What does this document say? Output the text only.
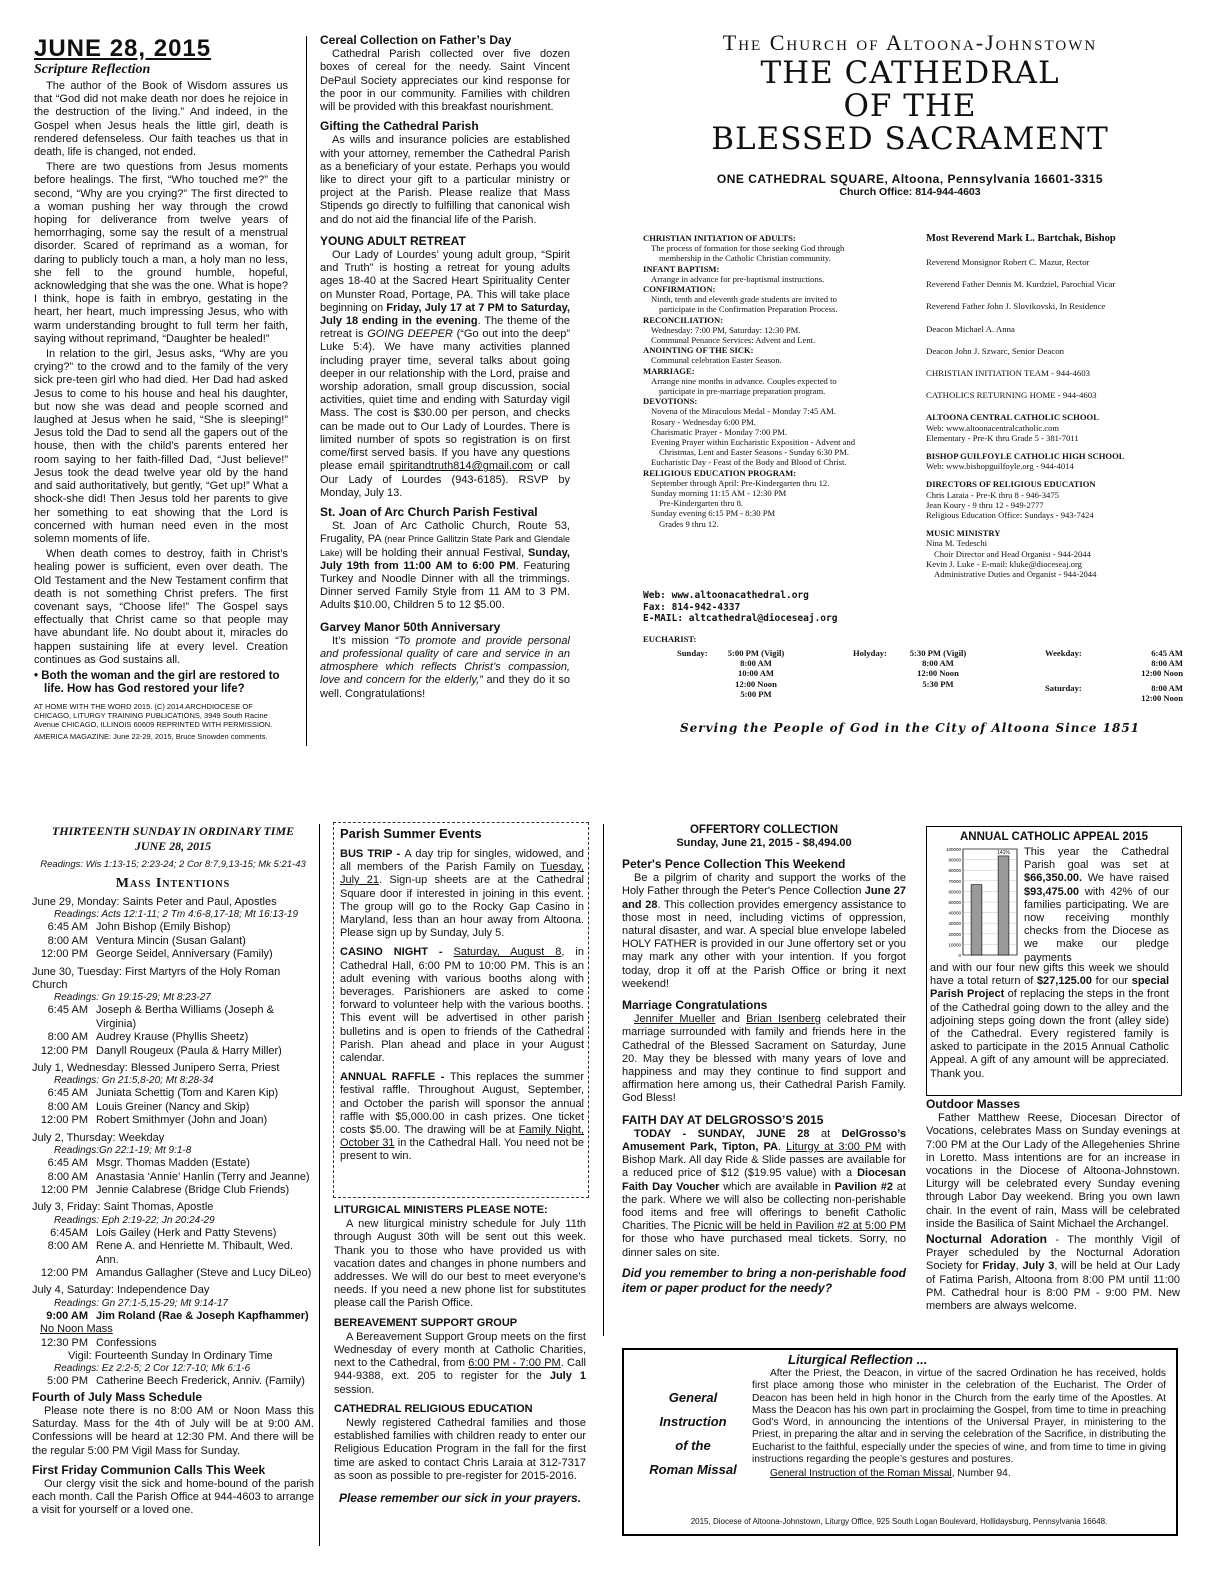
JUNE 28, 2015
Scripture Reflection

The author of the Book of Wisdom assures us that “God did not make death nor does he rejoice in the destruction of the living.” And indeed, in the Gospel when Jesus heals the little girl, death is rendered defenseless. Our faith teaches us that in death, life is changed, not ended.

There are two questions from Jesus moments before healings. The first, “Who touched me?” the second, “Why are you crying?” The first directed to a woman pushing her way through the crowd hoping for deliverance from twelve years of hemorrhaging, some say the result of a menstrual disorder. Scared of reprimand as a woman, for daring to publicly touch a man, a holy man no less, she fell to the ground humble, hopeful, acknowledging that she was the one. What is hope? I think, hope is faith in embryo, gestating in the heart, her heart, much impressing Jesus, who with warm understanding brought to full term her faith, saying without reprimand, “Daughter be healed!”

In relation to the girl, Jesus asks, “Why are you crying?” to the crowd and to the family of the very sick pre-teen girl who had died. Her Dad had asked Jesus to come to his house and heal his daughter, but now she was dead and people scorned and laughed at Jesus when he said, “She is sleeping!” Jesus told the Dad to send all the gapers out of the house, then with the child’s parents entered her room saying to her faith-filled Dad, “Just believe!” Jesus took the dead twelve year old by the hand and said authoritatively, but gently, “Get up!” What a shock-she did! Then Jesus told her parents to give her something to eat showing that the Lord is concerned with human need even in the most solemn moments of life.

When death comes to destroy, faith in Christ’s healing power is sufficient, even over death. The Old Testament and the New Testament confirm that death is not something Christ prefers. The first covenant says, “Choose life!” The Gospel says effectually that Christ came so that people may have abundant life. No doubt about it, miracles do happen sustaining life at every level. Creation continues as God sustains all.

• Both the woman and the girl are restored to life. How has God restored your life?
AT HOME WITH THE WORD 2015. (C) 2014 ARCHDIOCESE OF CHICAGO, LITURGY TRAINING PUBLICATIONS, 3949 South Racine Avenue CHICAGO, ILLINOIS 60609 REPRINTED WITH PERMISSION.
AMERICA MAGAZINE: June 22-29, 2015, Bruce Snowden comments.
Cereal Collection on Father’s Day

Cathedral Parish collected over five dozen boxes of cereal for the needy. Saint Vincent DePaul Society appreciates our kind response for the poor in our community. Families with children will be provided with this breakfast nourishment.

Gifting the Cathedral Parish

As wills and insurance policies are established with your attorney, remember the Cathedral Parish as a beneficiary of your estate. Perhaps you would like to direct your gift to a particular ministry or project at the Parish. Please realize that Mass Stipends go directly to fulfilling that canonical wish and do not aid the financial life of the Parish.

YOUNG ADULT RETREAT

Our Lady of Lourdes’ young adult group, “Spirit and Truth” is hosting a retreat for young adults ages 18-40 at the Sacred Heart Spirituality Center on Munster Road, Portage, PA. This will take place beginning on Friday, July 17 at 7 PM to Saturday, July 18 ending in the evening. The theme of the retreat is GOING DEEPER (“Go out into the deep” Luke 5:4). We have many activities planned including prayer time, several talks about going deeper in our relationship with the Lord, praise and worship adoration, small group discussion, social activities, quiet time and ending with Saturday vigil Mass. The cost is $30.00 per person, and checks can be made out to Our Lady of Lourdes. There is limited number of spots so registration is on first come/first served basis. If you have any questions please email spiritandtruth814@gmail.com or call Our Lady of Lourdes (943-6185). RSVP by Monday, July 13.

St. Joan of Arc Church Parish Festival

St. Joan of Arc Catholic Church, Route 53, Frugality, PA (near Prince Gallitzin State Park and Glendale Lake) will be holding their annual Festival, Sunday, July 19th from 11:00 AM to 6:00 PM. Featuring Turkey and Noodle Dinner with all the trimmings. Dinner served Family Style from 11 AM to 3 PM. Adults $10.00, Children 5 to 12 $5.00.

Garvey Manor 50th Anniversary

It’s mission “To promote and provide personal and professional quality of care and service in an atmosphere which reflects Christ’s compassion, love and concern for the elderly,” and they do it so well. Congratulations!

The Church of Altoona-Johnstown
THE CATHEDRAL
OF THE
BLESSED SACRAMENT
ONE CATHEDRAL SQUARE, Altoona, Pennsylvania 16601-3315
Church Office: 814-944-4603
CHRISTIAN INITIATION OF ADULTS:
The process of formation for those seeking God through
membership in the Catholic Christian community.
INFANT BAPTISM:
Arrange in advance for pre-baptismal instructions.
CONFIRMATION:
Ninth, tenth and eleventh grade students are invited to
participate in the Confirmation Preparation Process.
RECONCILIATION:
Wednesday: 7:00 PM, Saturday: 12:30 PM.
Communal Penance Services: Advent and Lent.
ANOINTING OF THE SICK:
Communal celebration Easter Season.
MARRIAGE:
Arrange nine months in advance. Couples expected to
participate in pre-marriage preparation program.
DEVOTIONS:
Novena of the Miraculous Medal - Monday 7:45 AM.
Rosary - Wednesday 6:00 PM.
Charismatic Prayer - Monday 7:00 PM.
Evening Prayer within Eucharistic Exposition - Advent and
Christmas, Lent and Easter Seasons - Sunday 6:30 PM.
Eucharistic Day - Feast of the Body and Blood of Christ.
RELIGIOUS EDUCATION PROGRAM:
September through April: Pre-Kindergarten thru 12.
Sunday morning 11:15 AM - 12:30 PM
Pre-Kindergarten thru 8.
Sunday evening 6:15 PM - 8:30 PM
Grades 9 thru 12.
Web: www.altoonacathedral.org
Fax: 814-942-4337
E-MAIL: altcathedral@dioceseaj.org
Most Reverend Mark L. Bartchak, Bishop
Reverend Monsignor Robert C. Mazur, Rector
Reverend Father Dennis M. Kurdziel, Parochial Vicar
Reverend Father John J. Slovikovski, In Residence
Deacon Michael A. Anna
Deacon John J. Szwarc, Senior Deacon
CHRISTIAN INITIATION TEAM - 944-4603
CATHOLICS RETURNING HOME - 944-4603
ALTOONA CENTRAL CATHOLIC SCHOOL
Web: www.altoonacentralcatholic.com
Elementary - Pre-K thru Grade 5 - 381-7011
BISHOP GUILFOYLE CATHOLIC HIGH SCHOOL
Web: www.bishopguilfoyle.org - 944-4014
DIRECTORS OF RELIGIOUS EDUCATION
Chris Laraia - Pre-K thru 8 - 946-3475
Jean Koury - 9 thru 12 - 949-2777
Religious Education Office: Sundays - 943-7424
MUSIC MINISTRY
Nina M. Tedeschi
Choir Director and Head Organist - 944-2044
Kevin J. Luke - E-mail: kluke@dioceseaj.org
Administrative Duties and Organist - 944-2044
EUCHARIST:
Sunday:	5:00 PM (Vigil)
8:00 AM
10:00 AM
12:00 Noon
5:00 PM
Holyday:	5:30 PM (Vigil)
8:00 AM
12:00 Noon
5:30 PM
Weekday:	6:45 AM
8:00 AM
12:00 Noon
Saturday:	8:00 AM
12:00 Noon
Serving the People of God in the City of Altoona Since 1851
THIRTEENTH SUNDAY IN ORDINARY TIME
JUNE 28, 2015
Readings: Wis 1:13-15; 2:23-24; 2 Cor 8:7,9,13-15; Mk 5:21-43
Mass Intentions
June 29, Monday: Saints Peter and Paul, Apostles
Readings: Acts 12:1-11; 2 Tm 4:6-8,17-18; Mt 16:13-19
6:45 AM John Bishop (Emily Bishop)
8:00 AM Ventura Mincin (Susan Galant)
12:00 PM George Seidel, Anniversary (Family)
June 30, Tuesday: First Martyrs of the Holy Roman Church
Readings: Gn 19:15-29; Mt 8:23-27
6:45 AM Joseph & Bertha Williams (Joseph & Virginia)
8:00 AM Audrey Krause (Phyllis Sheetz)
12:00 PM Danyll Rougeux (Paula & Harry Miller)
July 1, Wednesday: Blessed Junipero Serra, Priest
Readings: Gn 21:5,8-20; Mt 8:28-34
6:45 AM Juniata Schettig (Tom and Karen Kip)
8:00 AM Louis Greiner (Nancy and Skip)
12:00 PM Robert Smithmyer (John and Joan)
July 2, Thursday: Weekday
Readings:Gn 22:1-19; Mt 9:1-8
6:45 AM Msgr. Thomas Madden (Estate)
8:00 AM Anastasia ‘Annie’ Hanlin (Terry and Jeanne)
12:00 PM Jennie Calabrese (Bridge Club Friends)
July 3, Friday: Saint Thomas, Apostle
Readings: Eph 2:19-22; Jn 20:24-29
6:45AM Lois Gailey (Herk and Patty Stevens)
8:00 AM Rene A. and Henriette M. Thibault, Wed. Ann.
12:00 PM Amandus Gallagher (Steve and Lucy DiLeo)
July 4, Saturday: Independence Day
Readings: Gn 27:1-5,15-29; Mt 9:14-17
9:00 AM Jim Roland (Rae & Joseph Kapfhammer)
No Noon Mass
12:30 PM Confessions
Vigil: Fourteenth Sunday In Ordinary Time
Readings: Ez 2:2-5; 2 Cor 12:7-10; Mk 6:1-6
5:00 PM Catherine Beech Frederick, Anniv. (Family)
Fourth of July Mass Schedule

Please note there is no 8:00 AM or Noon Mass this Saturday. Mass for the 4th of July will be at 9:00 AM. Confessions will be heard at 12:30 PM. And there will be the regular 5:00 PM Vigil Mass for Sunday.

First Friday Communion Calls This Week

Our clergy visit the sick and home-bound of the parish each month. Call the Parish Office at 944-4603 to arrange a visit for yourself or a loved one.

Parish Summer Events

BUS TRIP - A day trip for singles, widowed, and all members of the Parish Family on Tuesday, July 21. Sign-up sheets are at the Cathedral Square door if interested in joining in this event. The group will go to the Rocky Gap Casino in Maryland, less than an hour away from Altoona. Please sign up by Sunday, July 5.

CASINO NIGHT - Saturday, August 8, in Cathedral Hall, 6:00 PM to 10:00 PM. This is an adult evening with various booths along with beverages. Parishioners are asked to come forward to volunteer help with the various booths. This event will be advertised in other parish bulletins and is open to friends of the Cathedral Parish. Plan ahead and place in your August calendar.

ANNUAL RAFFLE - This replaces the summer festival raffle. Throughout August, September, and October the parish will sponsor the annual raffle with $5,000.00 in cash prizes. One ticket costs $5.00. The drawing will be at Family Night, October 31 in the Cathedral Hall. You need not be present to win.

LITURGICAL MINISTERS PLEASE NOTE:

A new liturgical ministry schedule for July 11th through August 30th will be sent out this week. Thank you to those who have provided us with vacation dates and changes in phone numbers and addresses. We will do our best to meet everyone’s needs. If you need a new phone list for substitutes please call the Parish Office.

BEREAVEMENT SUPPORT GROUP

A Bereavement Support Group meets on the first Wednesday of every month at Catholic Charities, next to the Cathedral, from 6:00 PM - 7:00 PM. Call 944-9388, ext. 205 to register for the July 1 session.

CATHEDRAL RELIGIOUS EDUCATION

Newly registered Cathedral families and those established families with children ready to enter our Religious Education Program in the fall for the first time are asked to contact Chris Laraia at 312-7317 as soon as possible to pre-register for 2015-2016.

Please remember our sick in your prayers.
OFFERTORY COLLECTION
Sunday, June 21, 2015 - $8,494.00
Peter's Pence Collection This Weekend

Be a pilgrim of charity and support the works of the Holy Father through the Peter's Pence Collection June 27 and 28. This collection provides emergency assistance to those most in need, including victims of oppression, natural disaster, and war. A special blue envelope labeled HOLY FATHER is provided in our June offertory set or you may mark any other with your intention. If you forgot today, drop it off at the Parish Office or bring it next weekend!

Marriage Congratulations

Jennifer Mueller and Brian Isenberg celebrated their marriage surrounded with family and friends here in the Cathedral of the Blessed Sacrament on Saturday, June 20. May they be blessed with many years of love and happiness and may they continue to find support and affirmation here among us, their Cathedral Parish Family. God Bless!

FAITH DAY AT DELGROSSO’S 2015

TODAY - SUNDAY, JUNE 28 at DelGrosso’s Amusement Park, Tipton, PA. Liturgy at 3:00 PM with Bishop Mark. All day Ride & Slide passes are available for a reduced price of $12 ($19.95 value) with a Diocesan Faith Day Voucher which are available in Pavilion #2 at the park. Where we will also be collecting non-perishable food items and free will offerings to benefit Catholic Charities. The Picnic will be held in Pavilion #2 at 5:00 PM for those who have purchased meal tickets. Sorry, no dinner sales on site.

Did you remember to bring a non-perishable food item or paper product for the needy?
ANNUAL CATHOLIC APPEAL 2015
100000
90000
80000
70000
60000
50000
40000
30000
20000
10000
0
141% This year the Cathedral Parish goal was set at $66,350.00. We have raised $93,475.00 with 42% of our families participating. We are now receiving monthly checks from the Diocese as we make our pledge payments
and with our four new gifts this week we should have a total return of $27,125.00 for our special Parish Project of replacing the steps in the front of the Cathedral going down to the alley and the adjoining steps going down the front (alley side) of the Cathedral. Every registered family is asked to participate in the 2015 Annual Catholic Appeal. A gift of any amount will be appreciated. Thank you.
Outdoor Masses

Father Matthew Reese, Diocesan Director of Vocations, celebrates Mass on Sunday evenings at 7:00 PM at the Our Lady of the Allegehenies Shrine in Loretto. Mass intentions are for an increase in vocations in the Diocese of Altoona-Johnstown. Liturgy will be celebrated every Sunday evening through Labor Day weekend. Bring you own lawn chair. In the event of rain, Mass will be celebrated inside the Basilica of Saint Michael the Archangel.

Nocturnal Adoration - The monthly Vigil of Prayer scheduled by the Nocturnal Adoration Society for Friday, July 3, will be held at Our Lady of Fatima Parish, Altoona from 8:00 PM until 11:00 PM. Cathedral hour is 8:00 PM - 9:00 PM. New members are always welcome.

General
Instruction
of the
Roman Missal
Liturgical Reflection ...

After the Priest, the Deacon, in virtue of the sacred Ordination he has received, holds first place among those who minister in the celebration of the Eucharist. The Order of Deacon has been held in high honor in the Church from the early time of the Apostles. At Mass the Deacon has his own part in proclaiming the Gospel, from time to time in preaching God’s Word, in announcing the intentions of the Universal Prayer, in ministering to the Priest, in preparing the altar and in serving the celebration of the Sacrifice, in distributing the Eucharist to the faithful, especially under the species of wine, and from time to time in giving instructions regarding the people’s gestures and postures.

General Instruction of the Roman Missal, Number 94.
2015, Diocese of Altoona-Johnstown, Liturgy Office, 925 South Logan Boulevard, Hollidaysburg, Pennsylvania 16648.
